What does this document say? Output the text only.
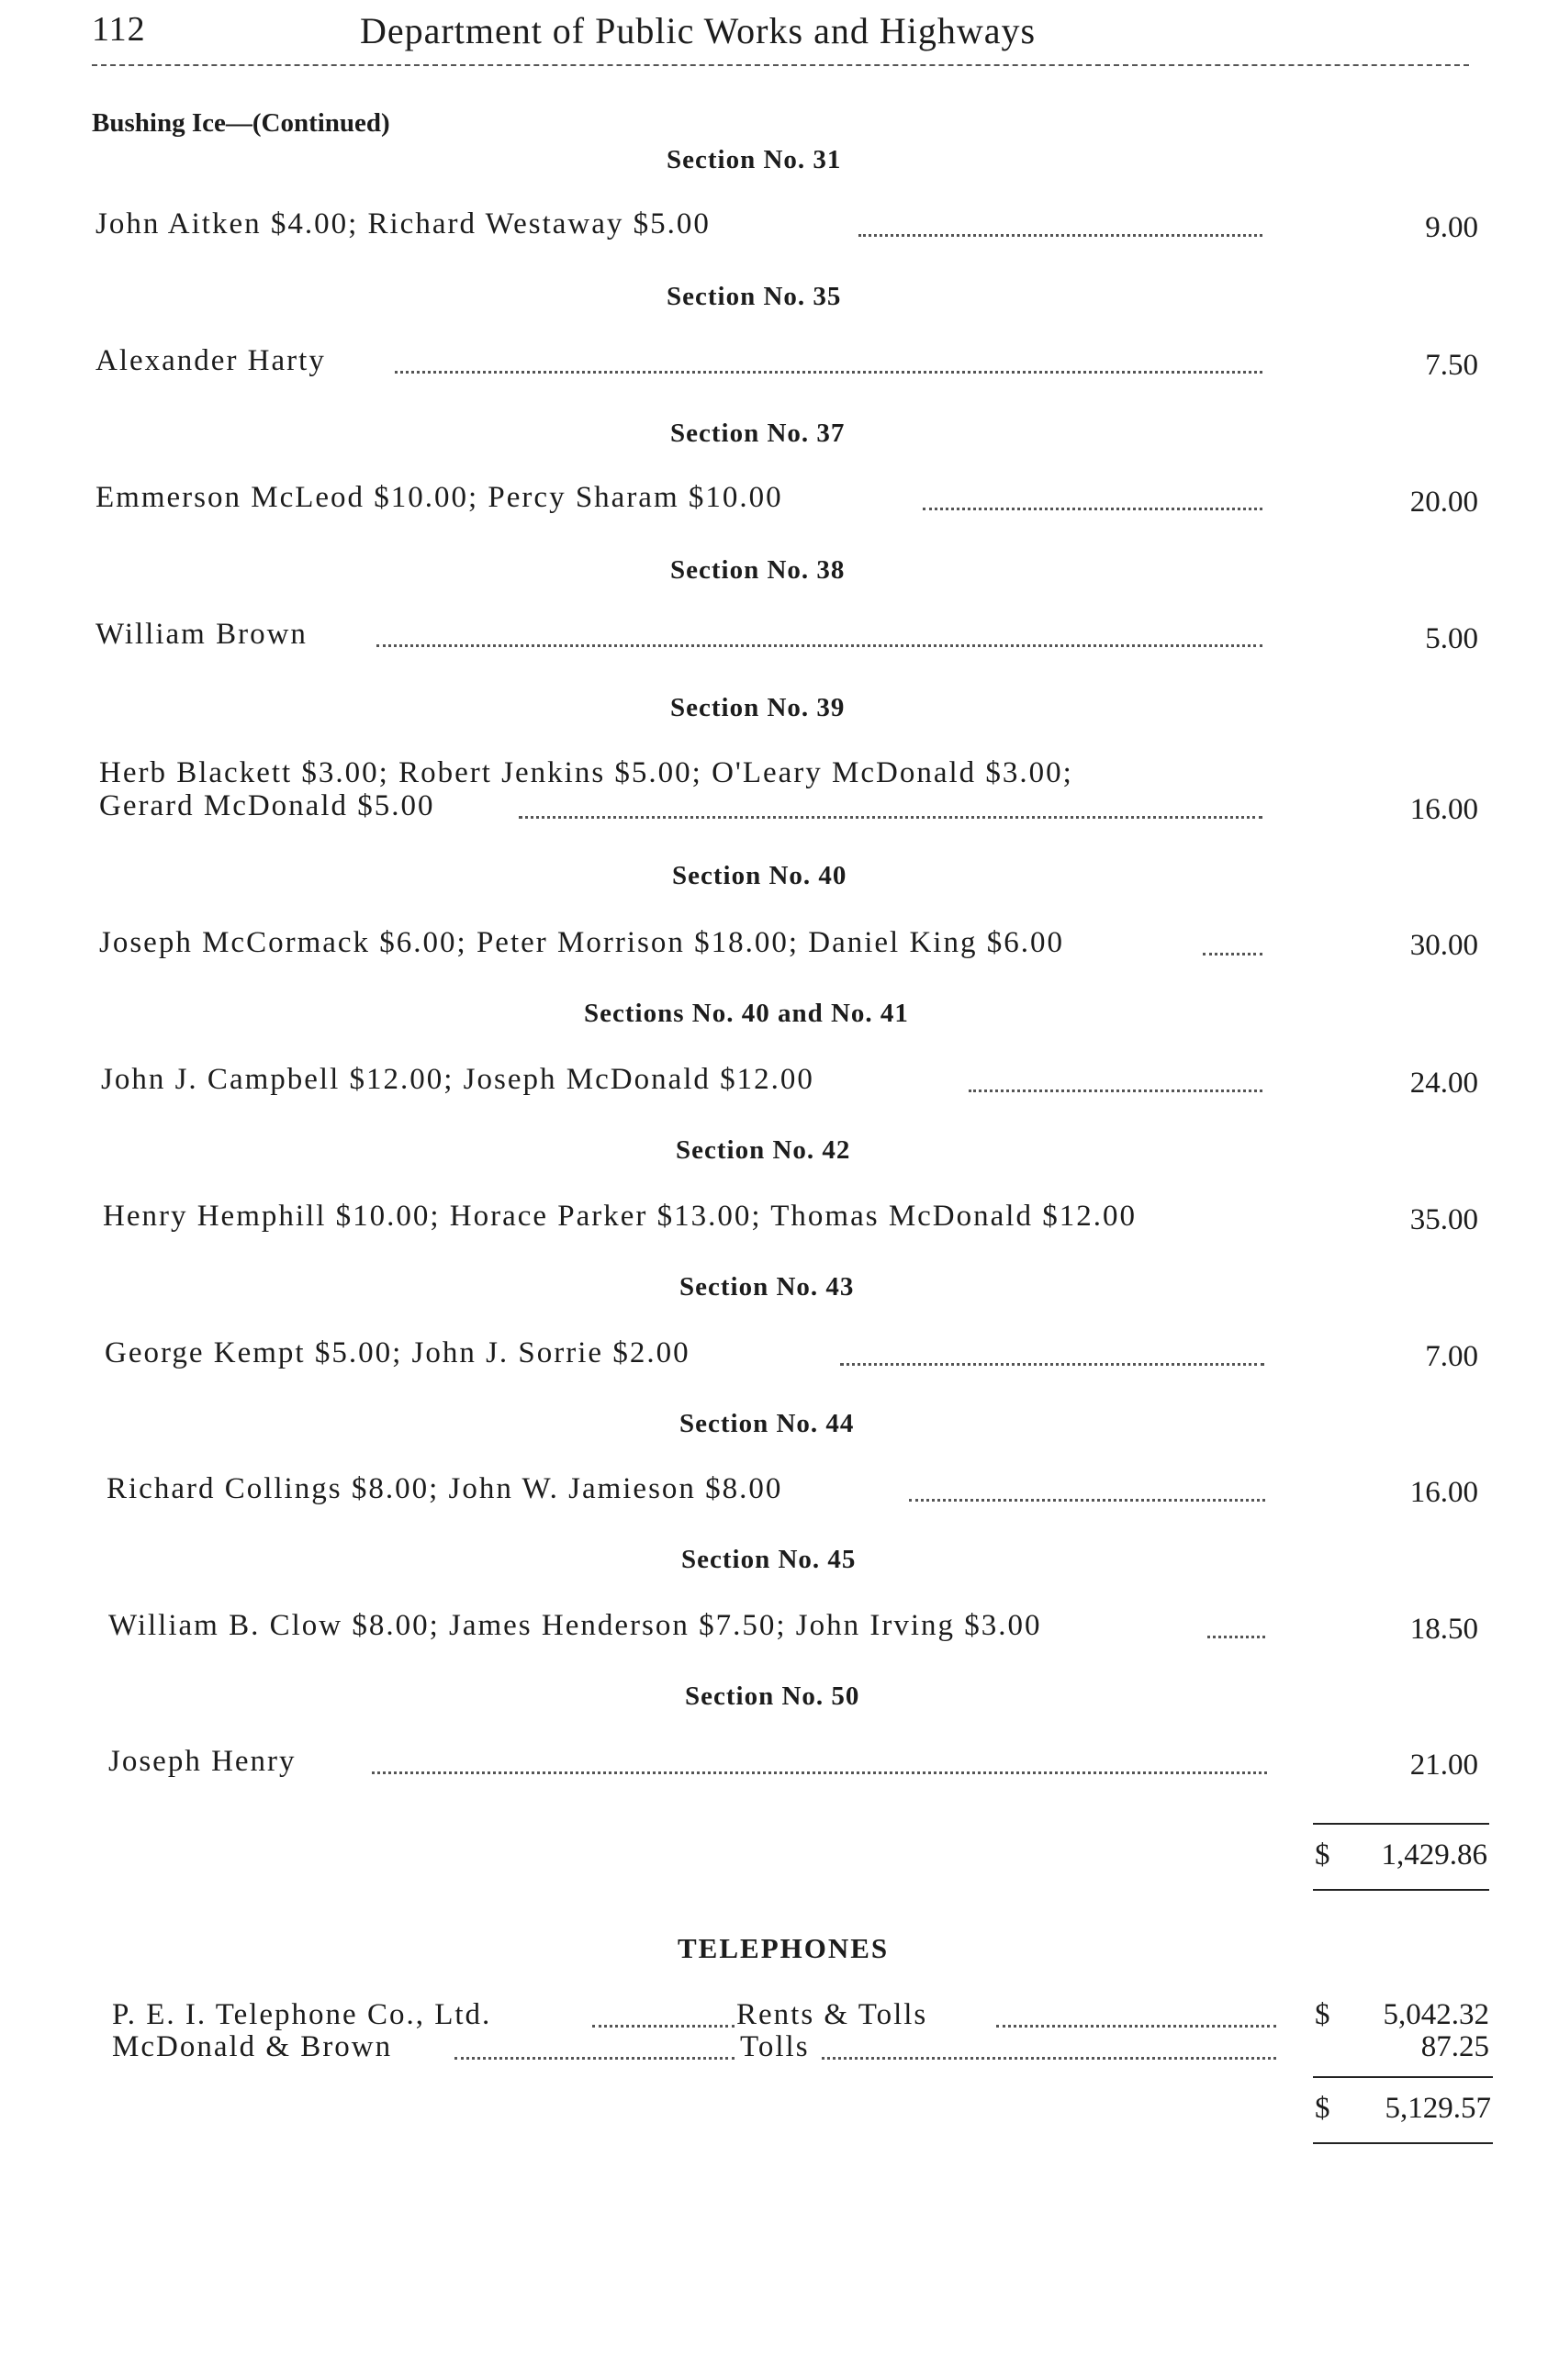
112	Department of Public Works and Highways
Bushing Ice—(Continued)
Section No. 31
John Aitken $4.00; Richard Westaway $5.00	9.00
Section No. 35
Alexander Harty	7.50
Section No. 37
Emmerson McLeod $10.00; Percy Sharam $10.00	20.00
Section No. 38
William Brown	5.00
Section No. 39
Herb Blackett $3.00; Robert Jenkins $5.00; O'Leary McDonald $3.00;
Gerard McDonald $5.00	16.00
Section No. 40
Joseph McCormack $6.00; Peter Morrison $18.00; Daniel King $6.00	30.00
Sections No. 40 and No. 41
John J. Campbell $12.00; Joseph McDonald $12.00	24.00
Section No. 42
Henry Hemphill $10.00; Horace Parker $13.00; Thomas McDonald $12.00	35.00
Section No. 43
George Kempt $5.00; John J. Sorrie $2.00	7.00
Section No. 44
Richard Collings $8.00; John W. Jamieson $8.00	16.00
Section No. 45
William B. Clow $8.00; James Henderson $7.50; John Irving $3.00	18.50
Section No. 50
Joseph Henry	21.00
$ 1,429.86
TELEPHONES
P. E. I. Telephone Co., Ltd.	Rents & Tolls	$ 5,042.32
McDonald & Brown	Tolls	87.25
$ 5,129.57
